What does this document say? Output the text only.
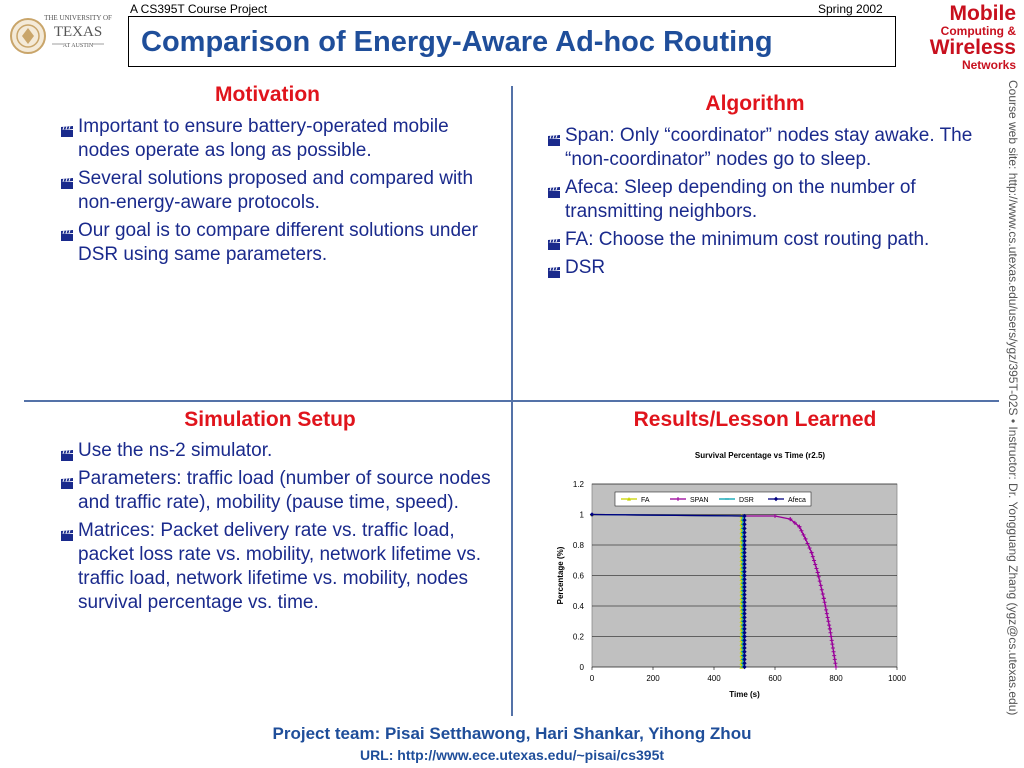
THE UNIVERSITY OF
TEXAS
AT AUSTIN
A CS395T Course Project	Spring 2002
Comparison of Energy-Aware Ad-hoc Routing
Mobile
Computing &
Wireless
Networks
Course web site: http://www.cs.utexas.edu/users/ygz/395T-02S • Instructor: Dr. Yongguang Zhang (ygz@cs.utexas.edu)
Motivation
Important to ensure battery-operated mobile nodes operate as long as possible.
Several solutions proposed and compared with non-energy-aware protocols.
Our goal is to compare different solutions under DSR using same parameters.
Algorithm
Span: Only “coordinator” nodes stay awake. The “non-coordinator” nodes go to sleep.
Afeca: Sleep depending on the number of transmitting neighbors.
FA: Choose the minimum cost routing path.
DSR
Simulation Setup
Use the ns-2 simulator.
Parameters: traffic load (number of source nodes and traffic rate), mobility (pause time, speed).
Matrices: Packet delivery rate vs. traffic load, packet loss rate vs. mobility, network lifetime vs. traffic load, network lifetime vs. mobility, nodes survival percentage vs. time.
Results/Lesson Learned
Survival Percentage vs Time (r2.5)
0
0.2
0.4
0.6
0.8
1
1.2
0	200	400	600	800	1000
Time (s)
Percentage (%)
FA	SPAN	DSR	Afeca
Project team: Pisai Setthawong, Hari Shankar, Yihong Zhou
URL: http://www.ece.utexas.edu/~pisai/cs395t
